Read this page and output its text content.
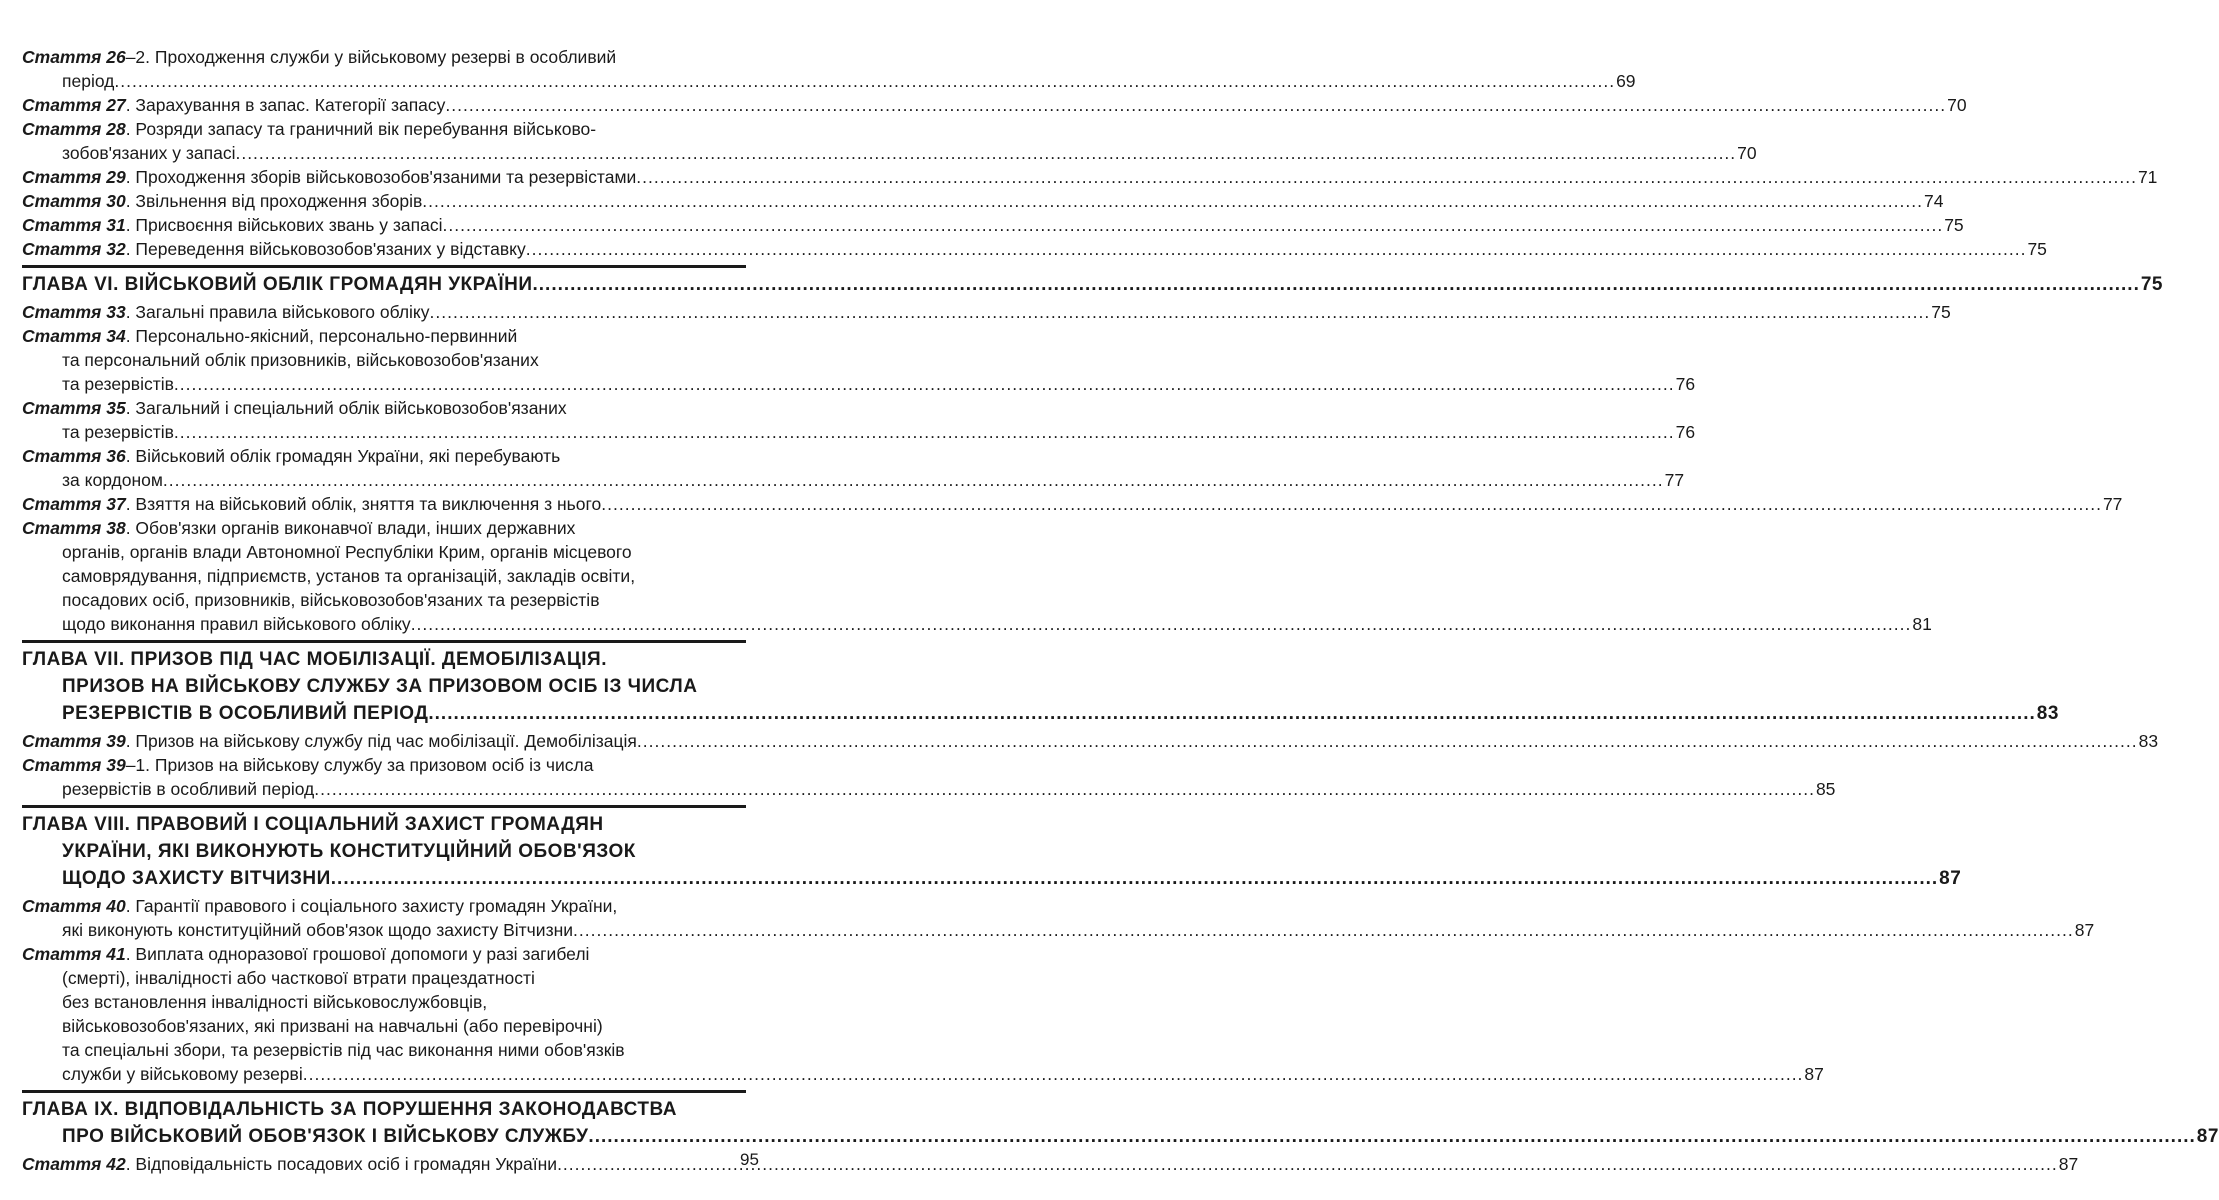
Стаття 26–2. Проходження служби у військовому резерві в особливий
період .....	69
Стаття 27. Зарахування в запас. Категорії запасу .....	70
Стаття 28. Розряди запасу та граничний вік перебування військово-
зобов'язаних у запасі .....	70
Стаття 29. Проходження зборів військовозобов'язаними та резервістами .....	71
Стаття 30. Звільнення від проходження зборів .....	74
Стаття 31. Присвоєння військових звань у запасі .....	75
Стаття 32. Переведення військовозобов'язаних у відставку .....	75
ГЛАВА VI. ВІЙСЬКОВИЙ ОБЛІК ГРОМАДЯН УКРАЇНИ .....	75
Стаття 33. Загальні правила військового обліку .....	75
Стаття 34. Персонально-якісний, персонально-первинний
та персональний облік призовників, військовозобов'язаних
та резервістів .....	76
Стаття 35. Загальний і спеціальний облік військовозобов'язаних
та резервістів .....	76
Стаття 36. Військовий облік громадян України, які перебувають
за кордоном .....	77
Стаття 37. Взяття на військовий облік, зняття та виключення з нього .....	77
Стаття 38. Обов'язки органів виконавчої влади, інших державних
органів, органів влади Автономної Республіки Крим, органів місцевого
самоврядування, підприємств, установ та організацій, закладів освіти,
посадових осіб, призовників, військовозобов'язаних та резервістів
щодо виконання правил військового обліку .....	81
ГЛАВА VII. ПРИЗОВ ПІД ЧАС МОБІЛІЗАЦІЇ. ДЕМОБІЛІЗАЦІЯ.
ПРИЗОВ НА ВІЙСЬКОВУ СЛУЖБУ ЗА ПРИЗОВОМ ОСІБ ІЗ ЧИСЛА
РЕЗЕРВІСТІВ В ОСОБЛИВИЙ ПЕРІОД .....	83
Стаття 39. Призов на військову службу під час мобілізації. Демобілізація .....	83
Стаття 39–1. Призов на військову службу за призовом осіб із числа
резервістів в особливий період .....	85
ГЛАВА VIII. ПРАВОВИЙ І СОЦІАЛЬНИЙ ЗАХИСТ ГРОМАДЯН
УКРАЇНИ, ЯКІ ВИКОНУЮТЬ КОНСТИТУЦІЙНИЙ ОБОВ'ЯЗОК
ЩОДО ЗАХИСТУ ВІТЧИЗНИ .....	87
Стаття 40. Гарантії правового і соціального захисту громадян України,
які виконують конституційний обов'язок щодо захисту Вітчизни .....	87
Стаття 41. Виплата одноразової грошової допомоги у разі загибелі
(смерті), інвалідності або часткової втрати працездатності
без встановлення інвалідності військовослужбовців,
військовозобов'язаних, які призвані на навчальні (або перевірочні)
та спеціальні збори, та резервістів під час виконання ними обов'язків
служби у військовому резерві .....	87
ГЛАВА IX. ВІДПОВІДАЛЬНІСТЬ ЗА ПОРУШЕННЯ ЗАКОНОДАВСТВА
ПРО ВІЙСЬКОВИЙ ОБОВ'ЯЗОК І ВІЙСЬКОВУ СЛУЖБУ .....	87
Стаття 42. Відповідальність посадових осіб і громадян України .....	87
95
